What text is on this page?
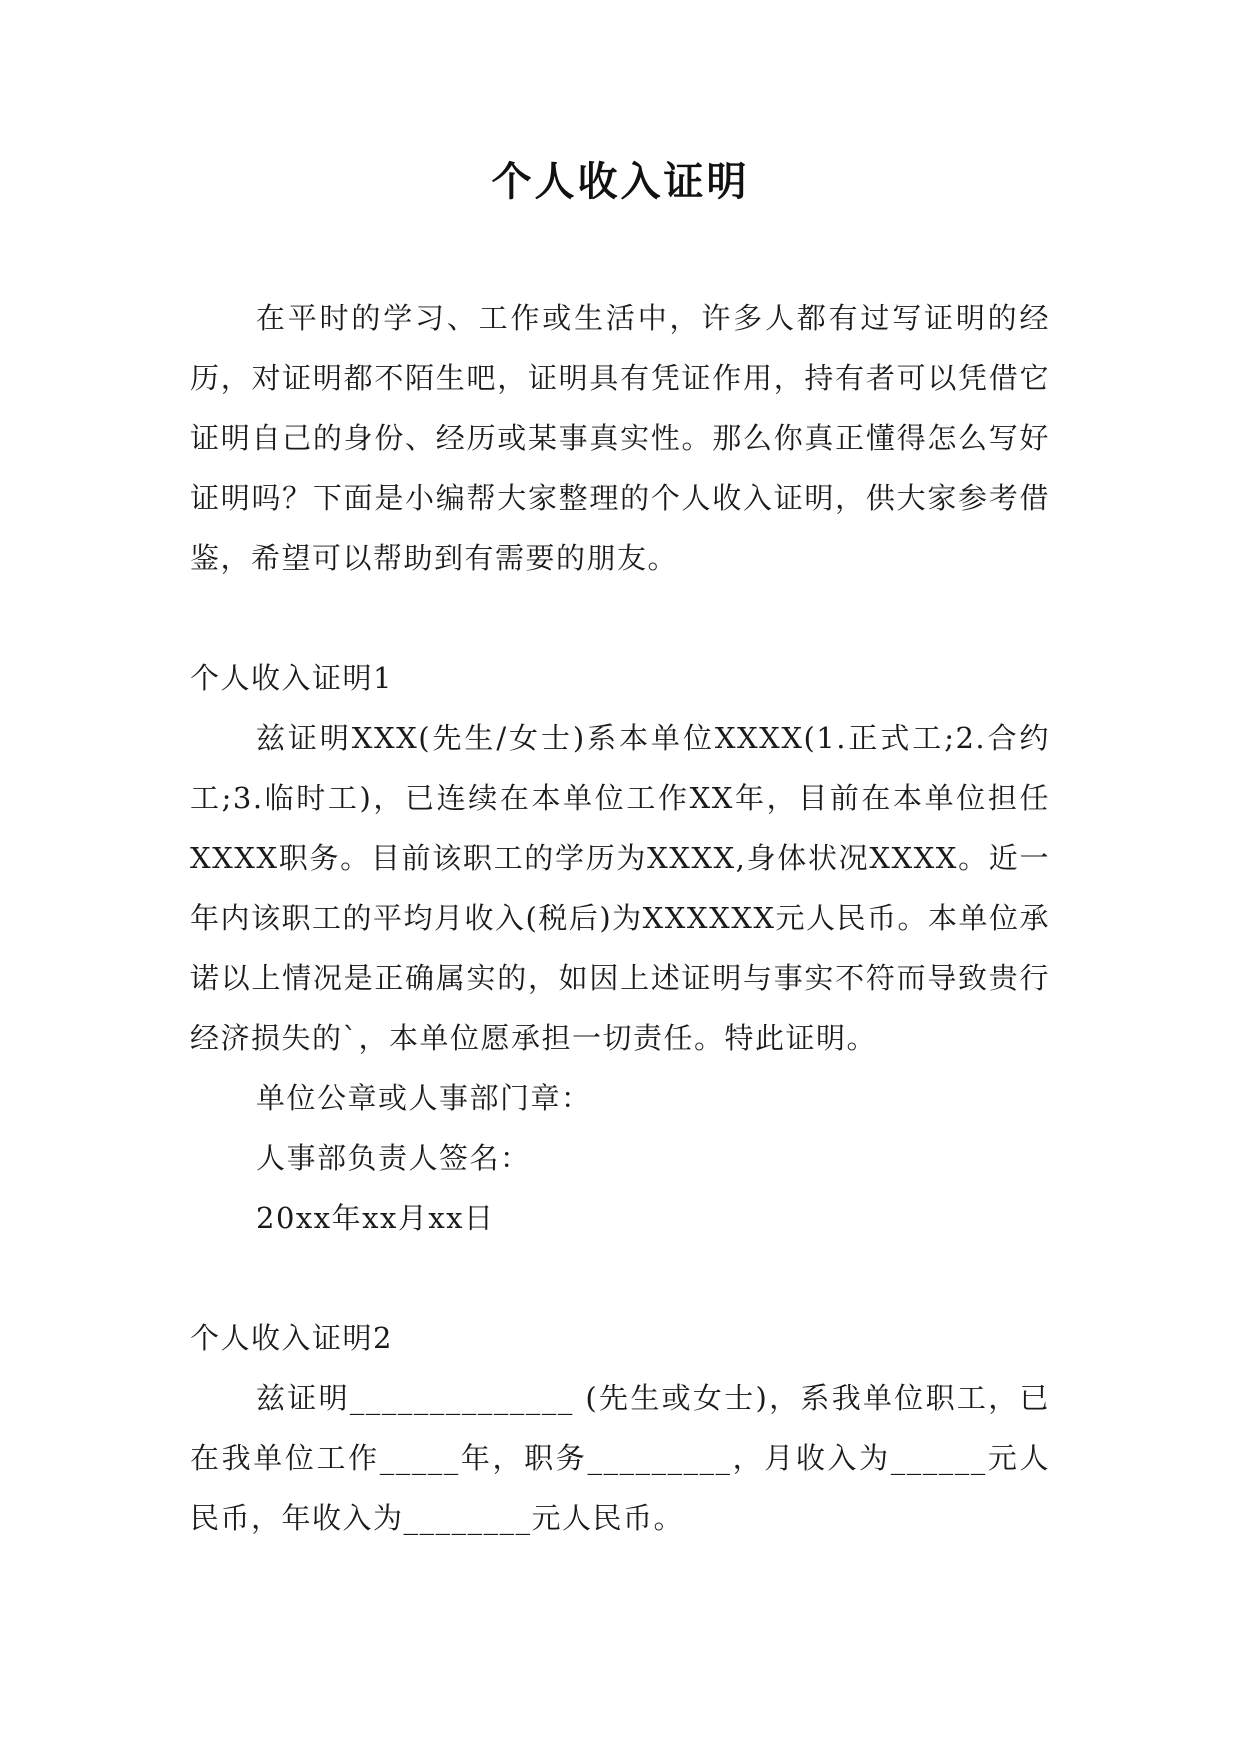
个人收入证明

在平时的学习、工作或生活中，许多人都有过写证明的经历，对证明都不陌生吧，证明具有凭证作用，持有者可以凭借它证明自己的身份、经历或某事真实性。那么你真正懂得怎么写好证明吗？下面是小编帮大家整理的个人收入证明，供大家参考借鉴，希望可以帮助到有需要的朋友。

个人收入证明1

兹证明XXX(先生/女士)系本单位XXXX(1.正式工;2.合约工;3.临时工)，已连续在本单位工作XX年，目前在本单位担任XXXX职务。目前该职工的学历为XXXX,身体状况XXXX。近一年内该职工的平均月收入(税后)为XXXXXX元人民币。本单位承诺以上情况是正确属实的，如因上述证明与事实不符而导致贵行经济损失的`，本单位愿承担一切责任。特此证明。

单位公章或人事部门章：

人事部负责人签名：

20xx年xx月xx日

个人收入证明2

兹证明______________ (先生或女士)，系我单位职工，已在我单位工作_____年，职务_________，月收入为______元人民币，年收入为________元人民币。
